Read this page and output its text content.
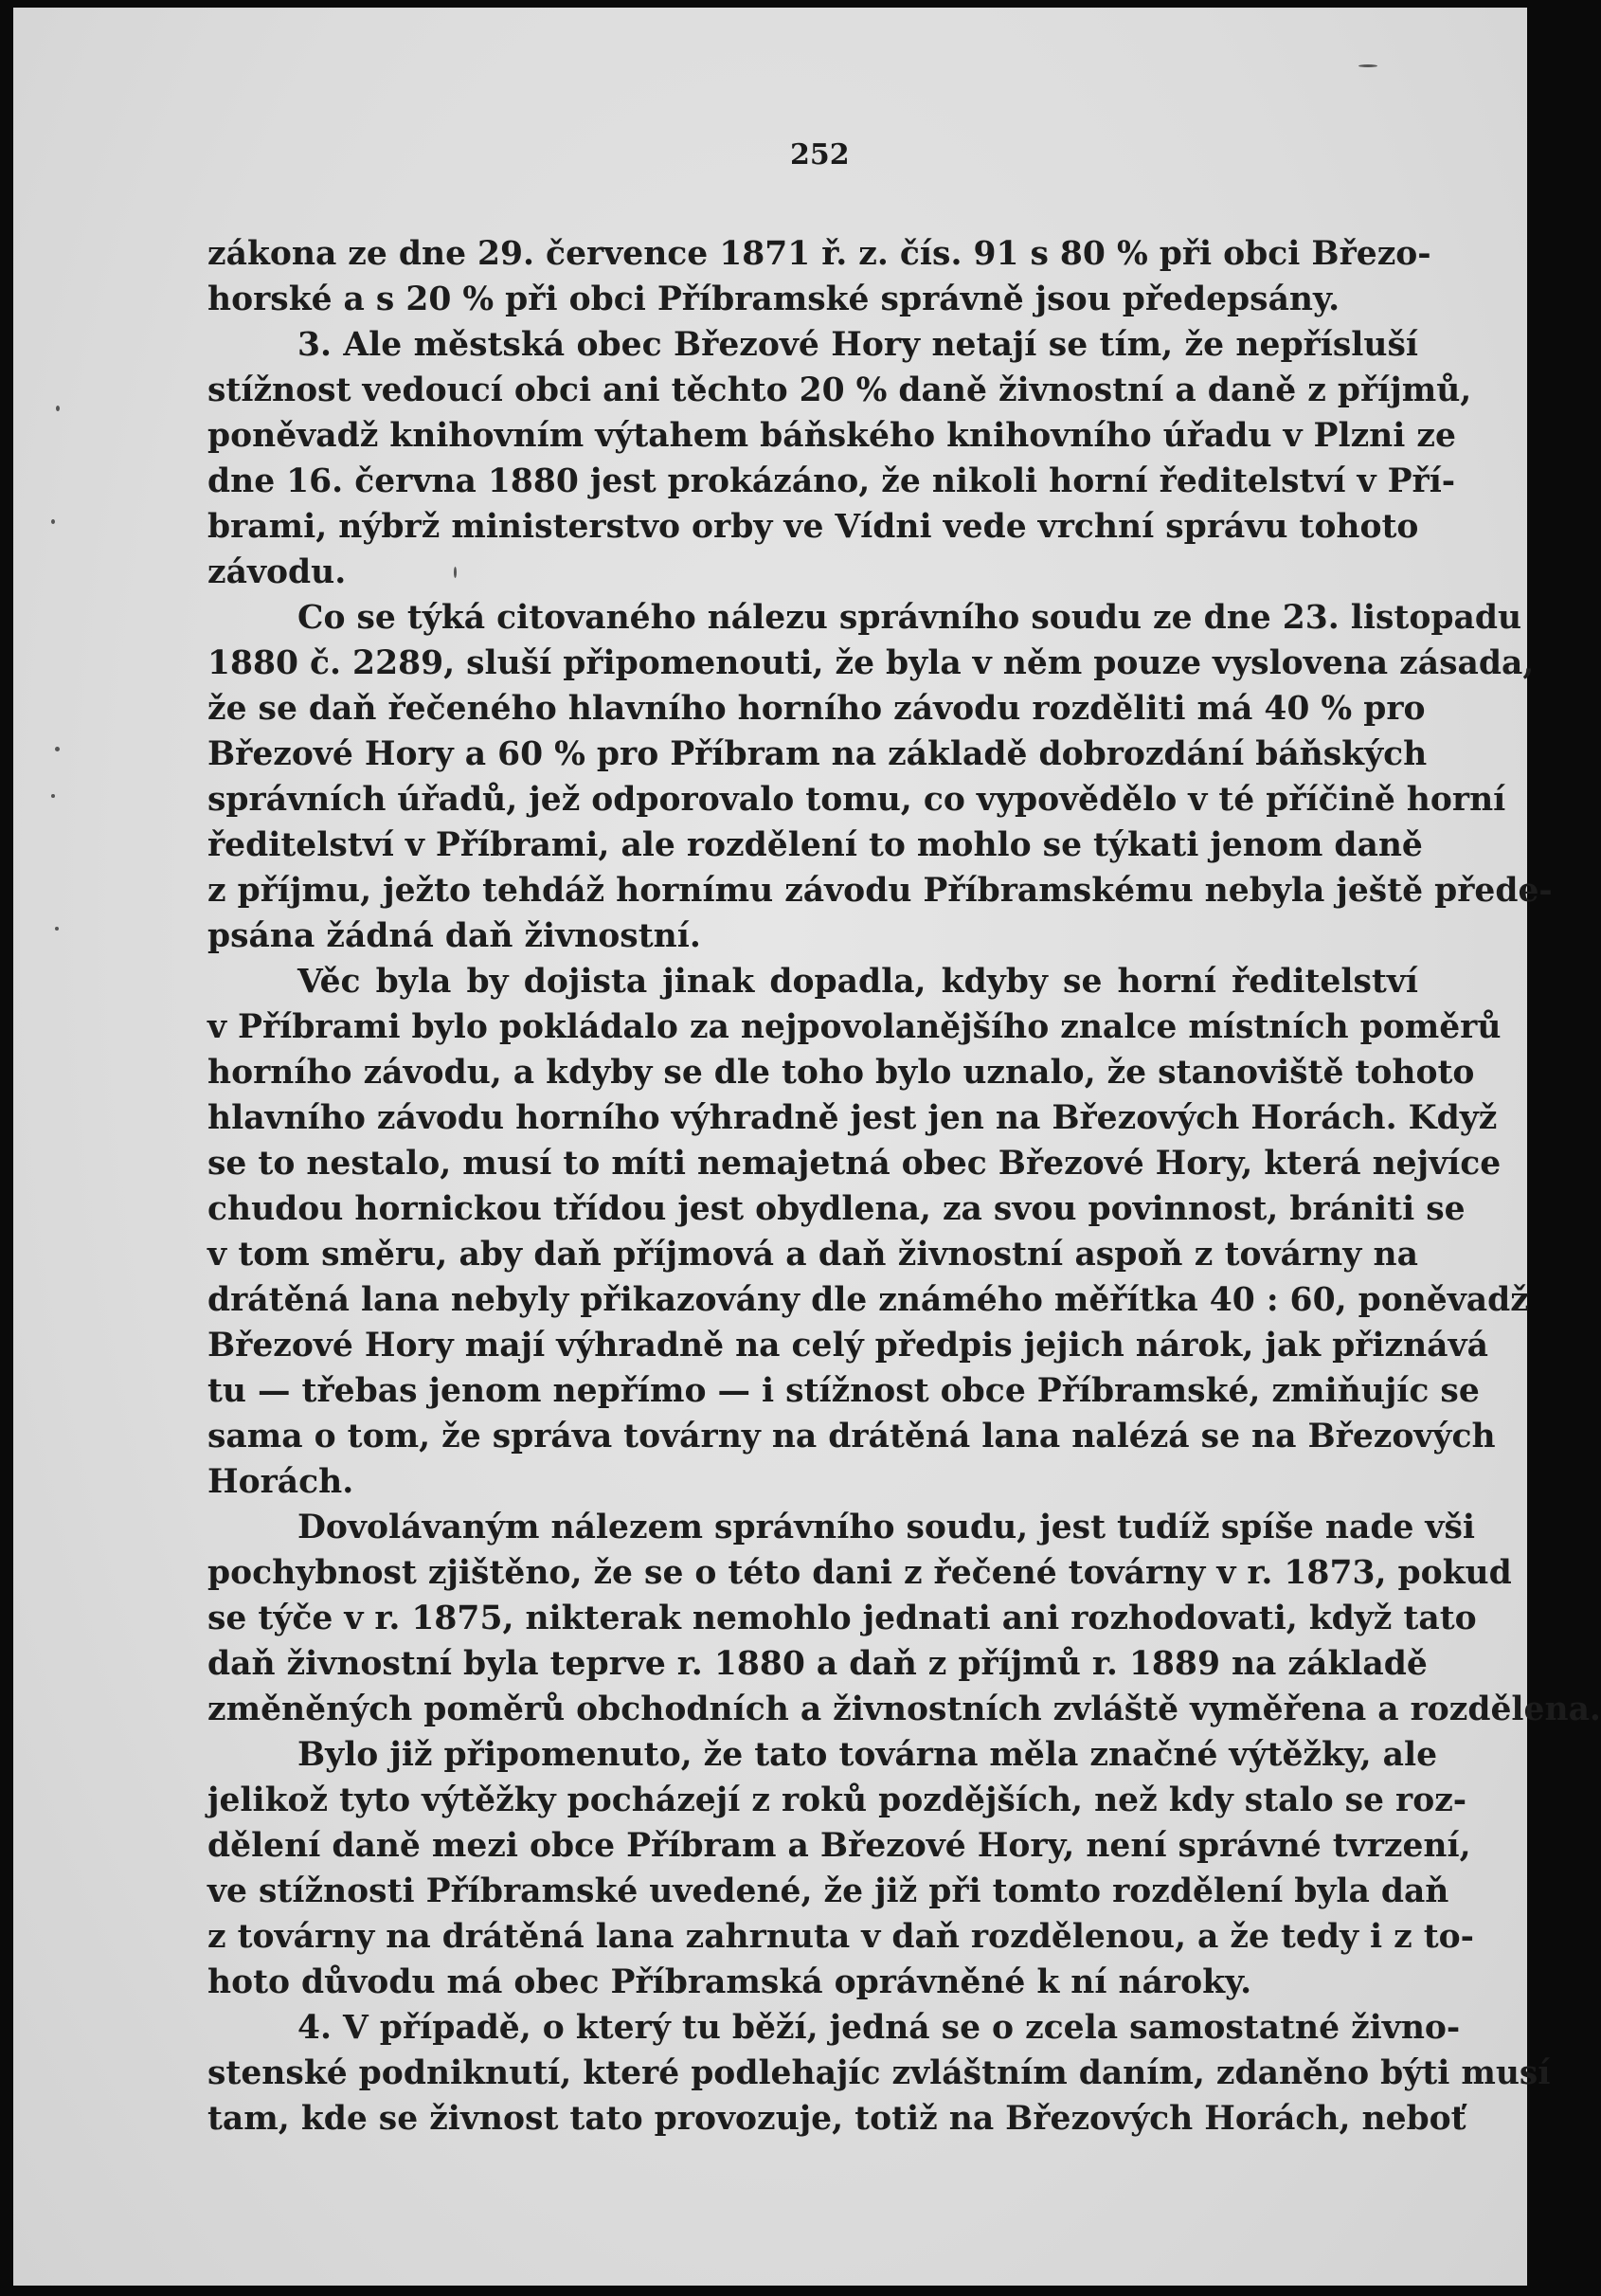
252
zákona ze dne 29. července 1871 ř. z. čís. 91 s 80 % při obci Březo-
horské a s 20 % při obci Příbramské správně jsou předepsány.
3. Ale městská obec Březové Hory netají se tím, že nepřísluší
stížnost vedoucí obci ani těchto 20 % daně živnostní a daně z příjmů,
poněvadž knihovním výtahem báňského knihovního úřadu v Plzni ze
dne 16. června 1880 jest prokázáno, že nikoli horní ředitelství v Pří-
brami, nýbrž ministerstvo orby ve Vídni vede vrchní správu tohoto
závodu.
Co se týká citovaného nálezu správního soudu ze dne 23. listopadu
1880 č. 2289, sluší připomenouti, že byla v něm pouze vyslovena zásada,
že se daň řečeného hlavního horního závodu rozděliti má 40 % pro
Březové Hory a 60 % pro Příbram na základě dobrozdání báňských
správních úřadů, jež odporovalo tomu, co vypovědělo v té příčině horní
ředitelství v Příbrami, ale rozdělení to mohlo se týkati jenom daně
z příjmu, ježto tehdáž hornímu závodu Příbramskému nebyla ještě přede-
psána žádná daň živnostní.
Věc byla by dojista jinak dopadla, kdyby se horní ředitelství
v Příbrami bylo pokládalo za nejpovolanějšího znalce místních poměrů
horního závodu, a kdyby se dle toho bylo uznalo, že stanoviště tohoto
hlavního závodu horního výhradně jest jen na Březových Horách. Když
se to nestalo, musí to míti nemajetná obec Březové Hory, která nejvíce
chudou hornickou třídou jest obydlena, za svou povinnost, brániti se
v tom směru, aby daň příjmová a daň živnostní aspoň z továrny na
drátěná lana nebyly přikazovány dle známého měřítka 40 : 60, poněvadž
Březové Hory mají výhradně na celý předpis jejich nárok, jak přiznává
tu — třebas jenom nepřímo — i stížnost obce Příbramské, zmiňujíc se
sama o tom, že správa továrny na drátěná lana nalézá se na Březových
Horách.
Dovolávaným nálezem správního soudu, jest tudíž spíše nade vši
pochybnost zjištěno, že se o této dani z řečené továrny v r. 1873, pokud
se týče v r. 1875, nikterak nemohlo jednati ani rozhodovati, když tato
daň živnostní byla teprve r. 1880 a daň z příjmů r. 1889 na základě
změněných poměrů obchodních a živnostních zvláště vyměřena a rozdělena.
Bylo již připomenuto, že tato továrna měla značné výtěžky, ale
jelikož tyto výtěžky pocházejí z roků pozdějších, než kdy stalo se roz-
dělení daně mezi obce Příbram a Březové Hory, není správné tvrzení,
ve stížnosti Příbramské uvedené, že již při tomto rozdělení byla daň
z továrny na drátěná lana zahrnuta v daň rozdělenou, a že tedy i z to-
hoto důvodu má obec Příbramská oprávněné k ní nároky.
4. V případě, o který tu běží, jedná se o zcela samostatné živno-
stenské podniknutí, které podlehajíc zvláštním daním, zdaněno býti musí
tam, kde se živnost tato provozuje, totiž na Březových Horách, neboť
